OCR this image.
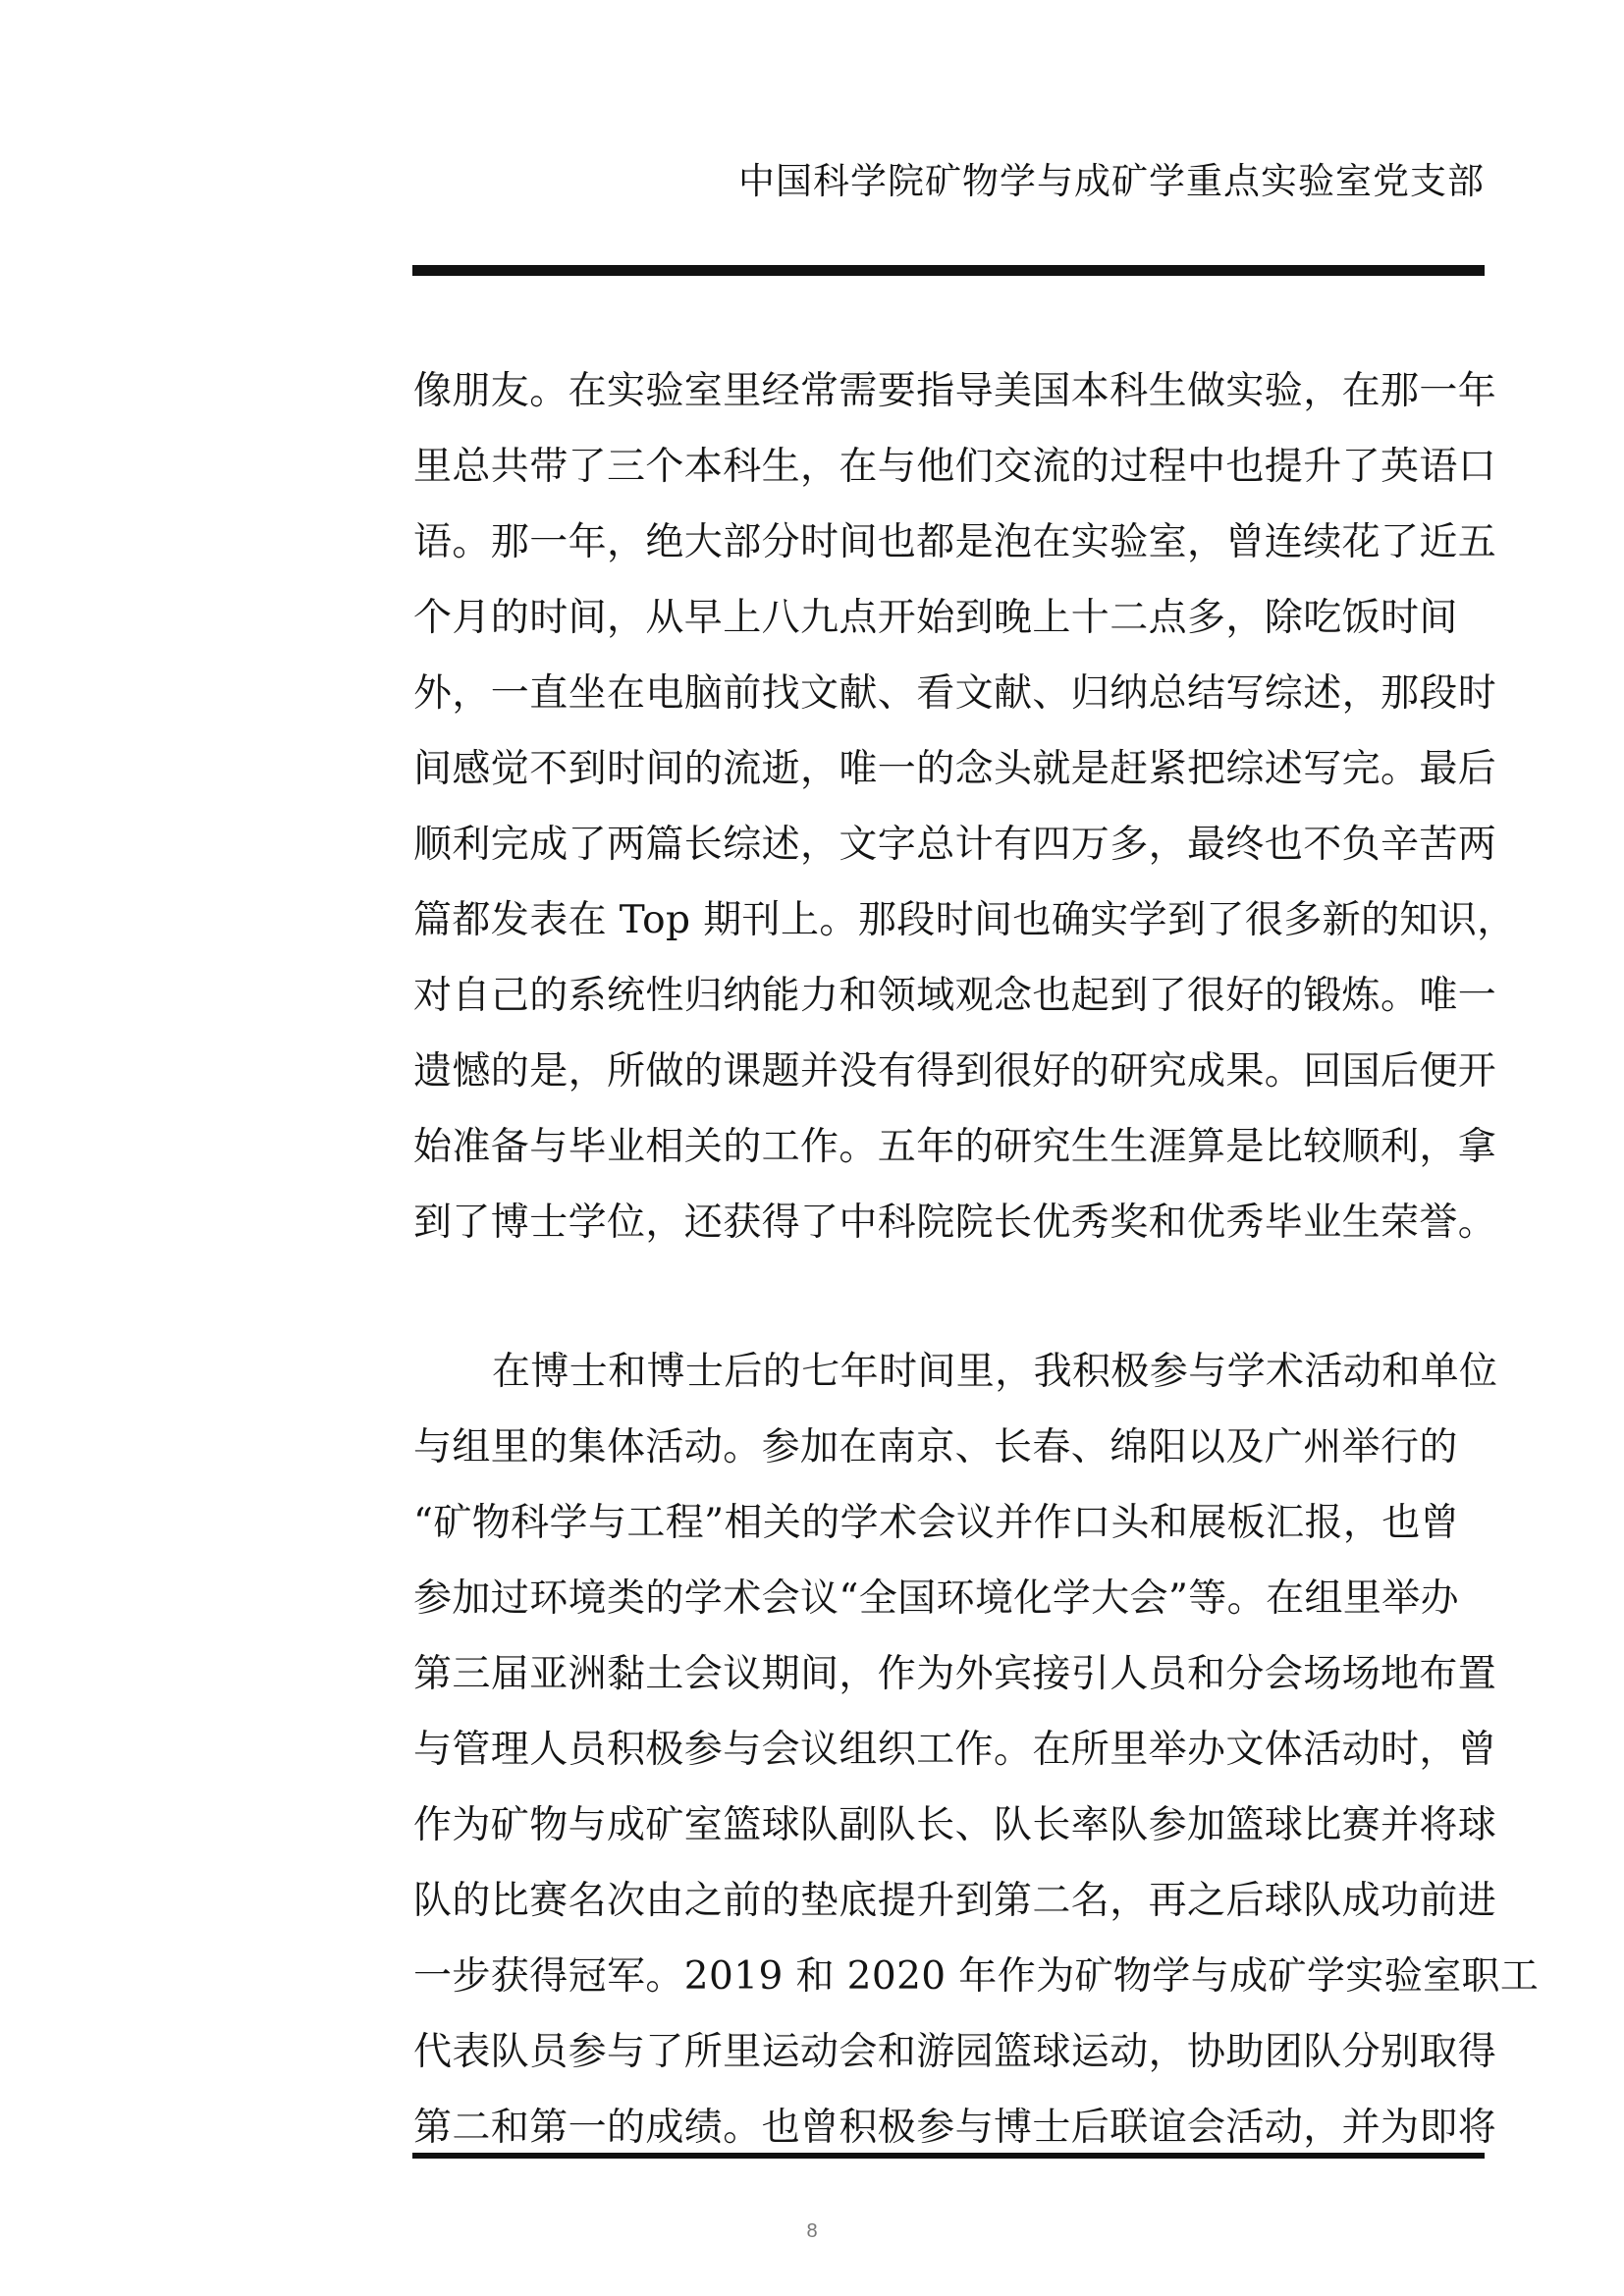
中国科学院矿物学与成矿学重点实验室党支部
像朋友。在实验室里经常需要指导美国本科生做实验，在那一年
里总共带了三个本科生，在与他们交流的过程中也提升了英语口
语。那一年，绝大部分时间也都是泡在实验室，曾连续花了近五
个月的时间，从早上八九点开始到晚上十二点多，除吃饭时间
外，一直坐在电脑前找文献、看文献、归纳总结写综述，那段时
间感觉不到时间的流逝，唯一的念头就是赶紧把综述写完。最后
顺利完成了两篇长综述，文字总计有四万多，最终也不负辛苦两
篇都发表在 Top 期刊上。那段时间也确实学到了很多新的知识，
对自己的系统性归纳能力和领域观念也起到了很好的锻炼。唯一
遗憾的是，所做的课题并没有得到很好的研究成果。回国后便开
始准备与毕业相关的工作。五年的研究生生涯算是比较顺利，拿
到了博士学位，还获得了中科院院长优秀奖和优秀毕业生荣誉。
在博士和博士后的七年时间里，我积极参与学术活动和单位
与组里的集体活动。参加在南京、长春、绵阳以及广州举行的
“矿物科学与工程”相关的学术会议并作口头和展板汇报，也曾
参加过环境类的学术会议“全国环境化学大会”等。在组里举办
第三届亚洲黏土会议期间，作为外宾接引人员和分会场场地布置
与管理人员积极参与会议组织工作。在所里举办文体活动时，曾
作为矿物与成矿室篮球队副队长、队长率队参加篮球比赛并将球
队的比赛名次由之前的垫底提升到第二名，再之后球队成功前进
一步获得冠军。2019 和 2020 年作为矿物学与成矿学实验室职工
代表队员参与了所里运动会和游园篮球运动，协助团队分别取得
第二和第一的成绩。也曾积极参与博士后联谊会活动，并为即将
8
